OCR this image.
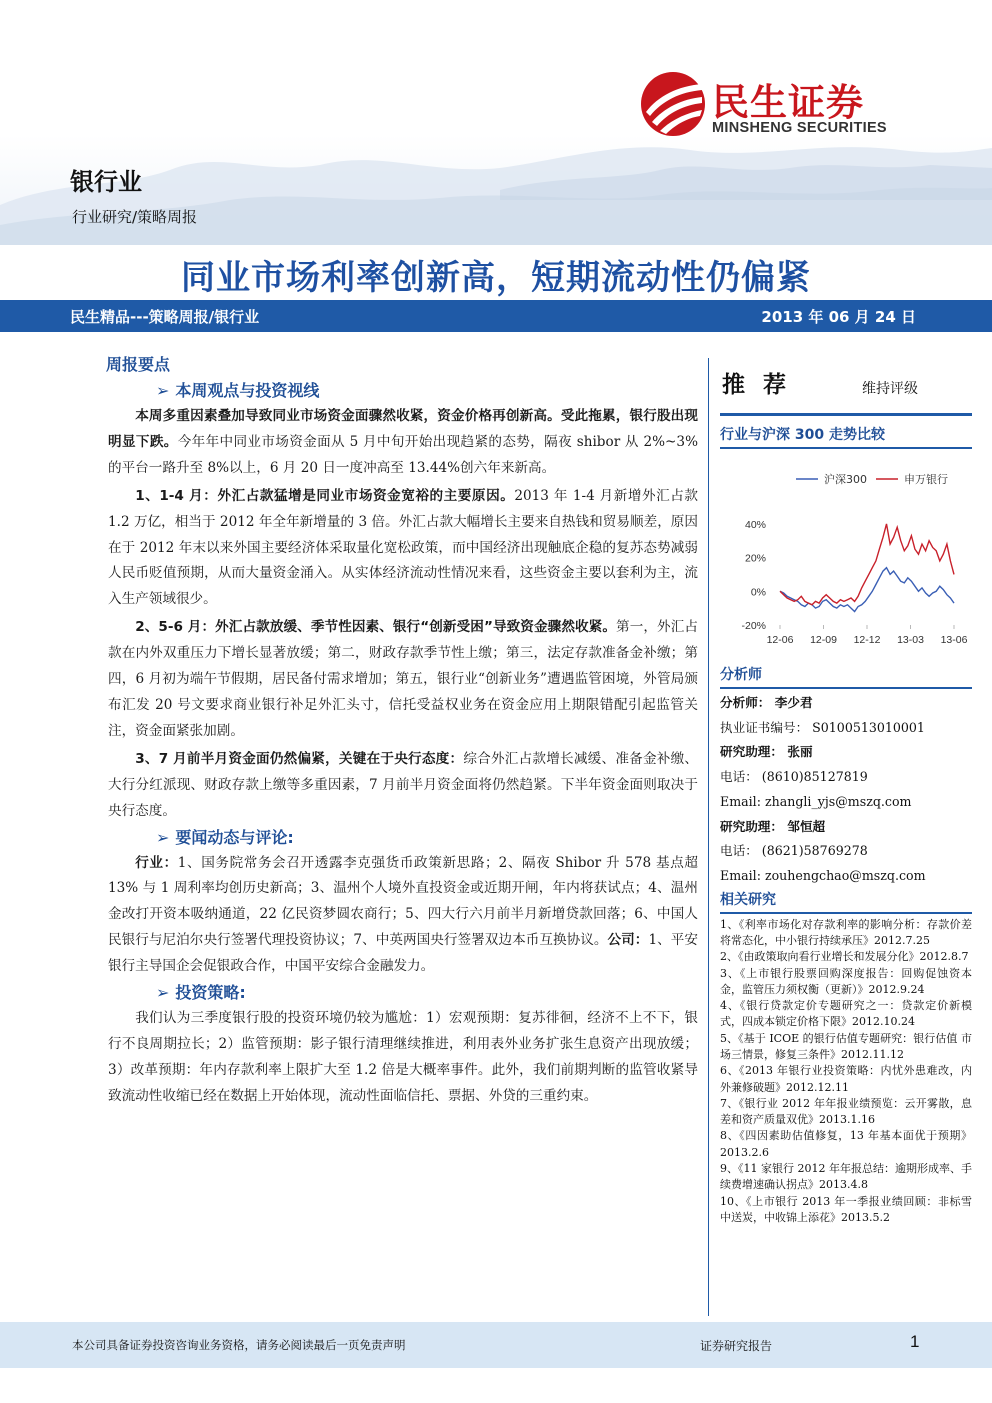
民生证券
MINSHENG SECURITIES
银行业
行业研究/策略周报
同业市场利率创新高，短期流动性仍偏紧
民生精品---策略周报/银行业	2013 年 06 月 24 日
周报要点
➢ 本周观点与投资视线

本周多重因素叠加导致同业市场资金面骤然收紧，资金价格再创新高。受此拖累，银行股出现明显下跌。今年年中同业市场资金面从 5 月中旬开始出现趋紧的态势，隔夜 shibor 从 2%~3%的平台一路升至 8%以上，6 月 20 日一度冲高至 13.44%创六年来新高。

1、1-4 月：外汇占款猛增是同业市场资金宽裕的主要原因。2013 年 1-4 月新增外汇占款 1.2 万亿，相当于 2012 年全年新增量的 3 倍。外汇占款大幅增长主要来自热钱和贸易顺差，原因在于 2012 年末以来外国主要经济体采取量化宽松政策，而中国经济出现触底企稳的复苏态势减弱人民币贬值预期，从而大量资金涌入。从实体经济流动性情况来看，这些资金主要以套利为主，流入生产领域很少。

2、5-6 月：外汇占款放缓、季节性因素、银行“创新受困”导致资金骤然收紧。第一，外汇占款在内外双重压力下增长显著放缓；第二，财政存款季节性上缴；第三，法定存款准备金补缴；第四，6 月初为端午节假期，居民备付需求增加；第五，银行业“创新业务”遭遇监管困境，外管局颁布汇发 20 号文要求商业银行补足外汇头寸，信托受益权业务在资金应用上期限错配引起监管关注，资金面紧张加剧。

3、7 月前半月资金面仍然偏紧，关键在于央行态度：综合外汇占款增长减缓、准备金补缴、大行分红派现、财政存款上缴等多重因素，7 月前半月资金面将仍然趋紧。下半年资金面则取决于央行态度。

➢ 要闻动态与评论:

行业：1、国务院常务会召开透露李克强货币政策新思路；2、隔夜 Shibor 升 578 基点超 13% 与 1 周利率均创历史新高；3、温州个人境外直投资金或近期开闸，年内将获试点；4、温州金改打开资本吸纳通道，22 亿民资梦圆农商行；5、四大行六月前半月新增贷款回落；6、中国人民银行与尼泊尔央行签署代理投资协议；7、中英两国央行签署双边本币互换协议。公司：1、平安银行主导国企会促银政合作，中国平安综合金融发力。

➢ 投资策略:

我们认为三季度银行股的投资环境仍较为尴尬：1）宏观预期：复苏徘徊，经济不上不下，银行不良周期拉长；2）监管预期：影子银行清理继续推进，利用表外业务扩张生息资产出现放缓；3）改革预期：年内存款利率上限扩大至 1.2 倍是大概率事件。此外，我们前期判断的监管收紧导致流动性收缩已经在数据上开始体现，流动性面临信托、票据、外贷的三重约束。

推荐	维持评级
行业与沪深 300 走势比较
沪深300	申万银行
40%
20%
0%
-20%
12-06 12-09 12-12 13-03 13-06
分析师
分析师： 李少君
执业证书编号： S0100513010001
研究助理： 张丽
电话： (8610)85127819
Email: zhangli_yjs@mszq.com
研究助理： 邹恒超
电话： (8621)58769278
Email: zouhengchao@mszq.com
相关研究
1、《利率市场化对存款利率的影响分析：存款价差将常态化，中小银行持续承压》2012.7.25
2、《由政策取向看行业增长和发展分化》2012.8.7
3、《上市银行股票回购深度报告：回购促蚀资本金，监管压力须权衡（更新）》2012.9.24
4、《银行贷款定价专题研究之一：贷款定价新模式，四成本锁定价格下限》2012.10.24
5、《基于 ICOE 的银行估值专题研究：银行估值 市场三情景，修复三条件》2012.11.12
6、《2013 年银行业投资策略：内忧外患难改，内外兼修破题》2012.12.11
7、《银行业 2012 年年报业绩预览：云开雾散，息差和资产质量双优》2013.1.16
8、《四因素助估值修复，13 年基本面优于预期》2013.2.6
9、《11 家银行 2012 年年报总结：逾期形成率、手续费增速确认拐点》2013.4.8
10、《上市银行 2013 年一季报业绩回顾：非标雪中送炭，中收锦上添花》2013.5.2
本公司具备证券投资咨询业务资格，请务必阅读最后一页免责声明	证券研究报告	1
